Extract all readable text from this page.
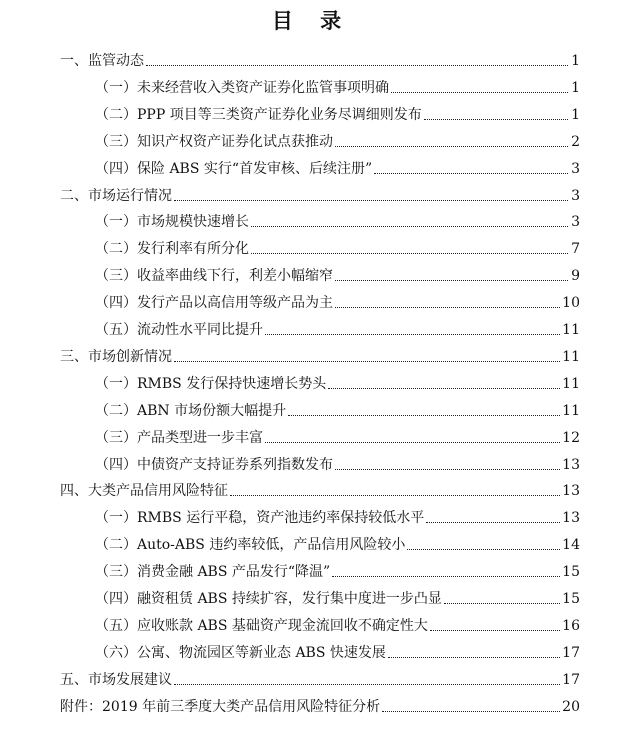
目 录
一、监管动态	1
（一）未来经营收入类资产证券化监管事项明确	1
（二）PPP 项目等三类资产证券化业务尽调细则发布	1
（三）知识产权资产证券化试点获推动	2
（四）保险 ABS 实行“首发审核、后续注册”	3
二、市场运行情况	3
（一）市场规模快速增长	3
（二）发行利率有所分化	7
（三）收益率曲线下行，利差小幅缩窄	9
（四）发行产品以高信用等级产品为主	10
（五）流动性水平同比提升	11
三、市场创新情况	11
（一）RMBS 发行保持快速增长势头	11
（二）ABN 市场份额大幅提升	11
（三）产品类型进一步丰富	12
（四）中债资产支持证券系列指数发布	13
四、大类产品信用风险特征	13
（一）RMBS 运行平稳，资产池违约率保持较低水平	13
（二）Auto-ABS 违约率较低，产品信用风险较小	14
（三）消费金融 ABS 产品发行“降温”	15
（四）融资租赁 ABS 持续扩容，发行集中度进一步凸显	15
（五）应收账款 ABS 基础资产现金流回收不确定性大	16
（六）公寓、物流园区等新业态 ABS 快速发展	17
五、市场发展建议	17
附件：2019 年前三季度大类产品信用风险特征分析	20
